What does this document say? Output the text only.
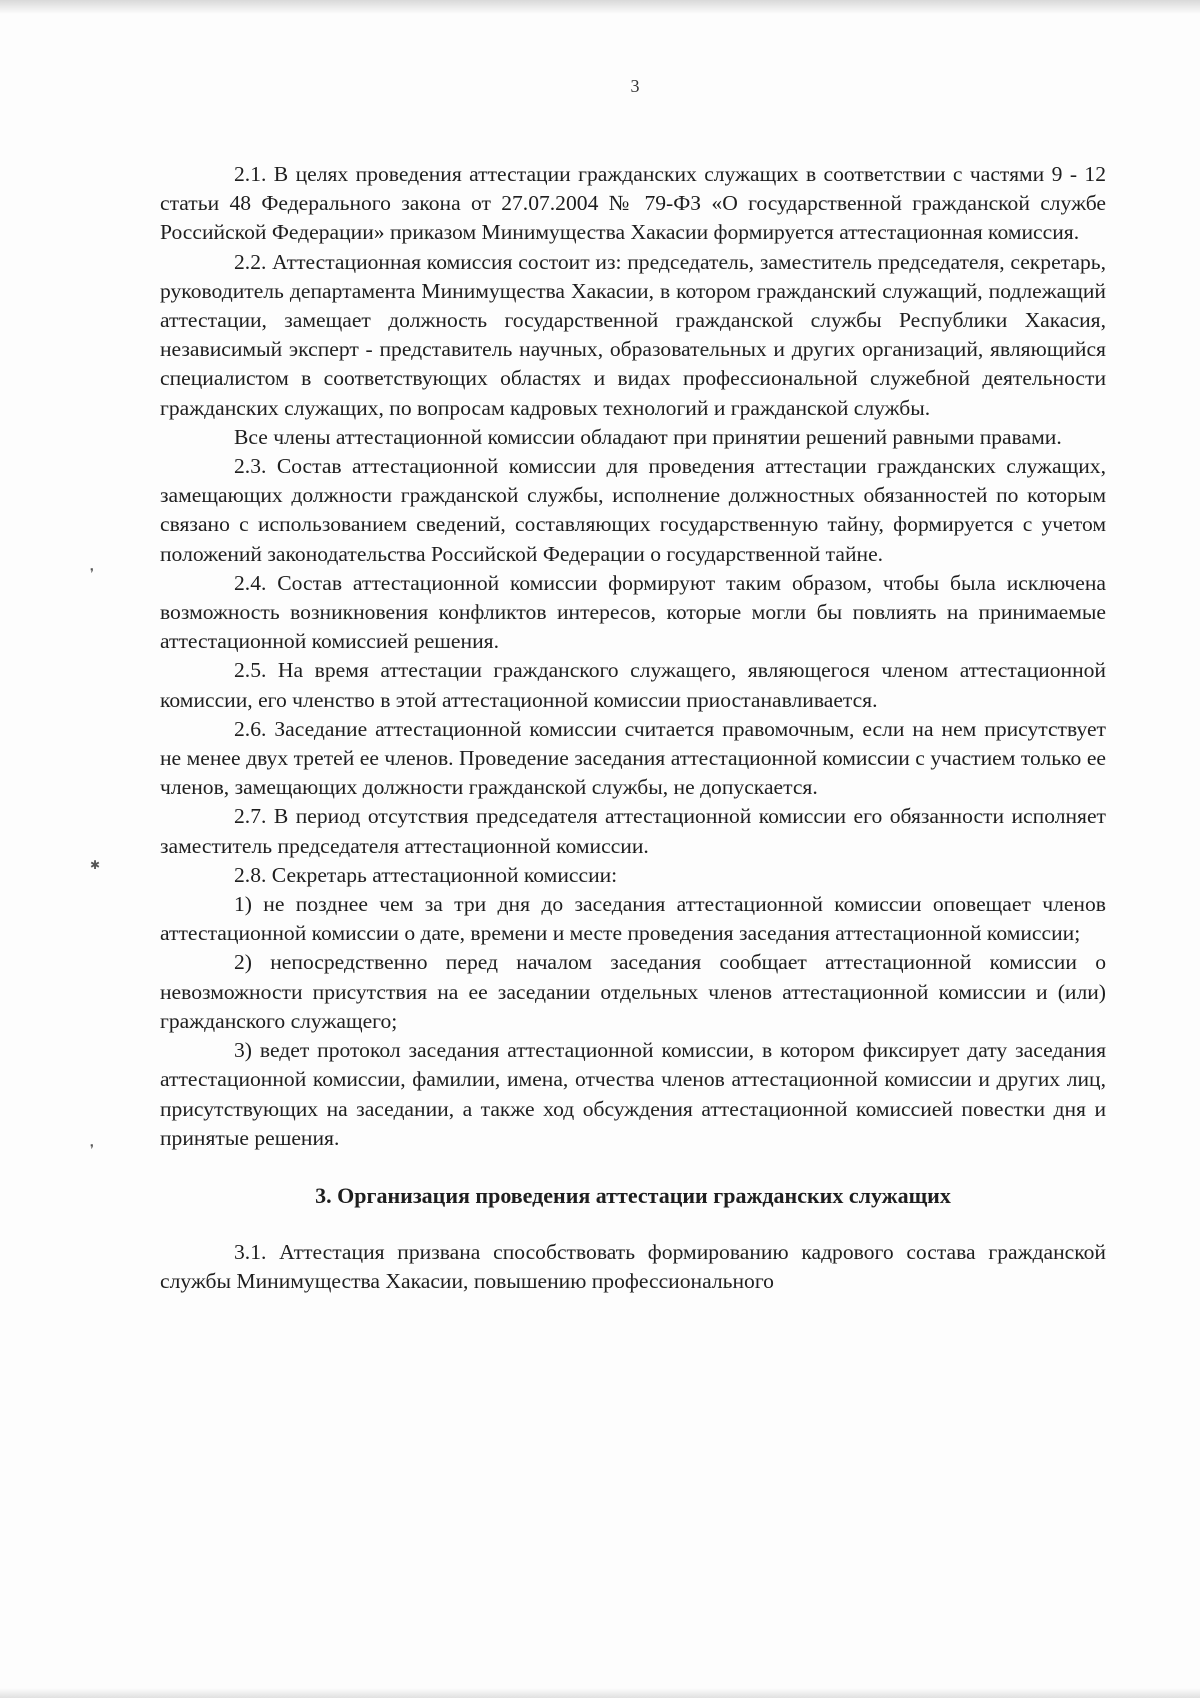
3
❜
✱
❜

2.1. В целях проведения аттестации гражданских служащих в соответствии с частями 9 - 12 статьи 48 Федерального закона от 27.07.2004 № 79-ФЗ «О государственной гражданской службе Российской Федерации» приказом Минимущества Хакасии формируется аттестационная комиссия.

2.2. Аттестационная комиссия состоит из: председатель, заместитель председателя, секретарь, руководитель департамента Минимущества Хакасии, в котором гражданский служащий, подлежащий аттестации, замещает должность государственной гражданской службы Республики Хакасия, независимый эксперт - представитель научных, образовательных и других организаций, являющийся специалистом в соответствующих областях и видах профессиональной служебной деятельности гражданских служащих, по вопросам кадровых технологий и гражданской службы.

Все члены аттестационной комиссии обладают при принятии решений равными правами.

2.3. Состав аттестационной комиссии для проведения аттестации гражданских служащих, замещающих должности гражданской службы, исполнение должностных обязанностей по которым связано с использованием сведений, составляющих государственную тайну, формируется с учетом положений законодательства Российской Федерации о государственной тайне.

2.4. Состав аттестационной комиссии формируют таким образом, чтобы была исключена возможность возникновения конфликтов интересов, которые могли бы повлиять на принимаемые аттестационной комиссией решения.

2.5. На время аттестации гражданского служащего, являющегося членом аттестационной комиссии, его членство в этой аттестационной комиссии приостанавливается.

2.6. Заседание аттестационной комиссии считается правомочным, если на нем присутствует не менее двух третей ее членов. Проведение заседания аттестационной комиссии с участием только ее членов, замещающих должности гражданской службы, не допускается.

2.7. В период отсутствия председателя аттестационной комиссии его обязанности исполняет заместитель председателя аттестационной комиссии.

2.8. Секретарь аттестационной комиссии:

1) не позднее чем за три дня до заседания аттестационной комиссии оповещает членов аттестационной комиссии о дате, времени и месте проведения заседания аттестационной комиссии;

2) непосредственно перед началом заседания сообщает аттестационной комиссии о невозможности присутствия на ее заседании отдельных членов аттестационной комиссии и (или) гражданского служащего;

3) ведет протокол заседания аттестационной комиссии, в котором фиксирует дату заседания аттестационной комиссии, фамилии, имена, отчества членов аттестационной комиссии и других лиц, присутствующих на заседании, а также ход обсуждения аттестационной комиссией повестки дня и принятые решения.

3. Организация проведения аттестации гражданских служащих

3.1. Аттестация призвана способствовать формированию кадрового состава гражданской службы Минимущества Хакасии, повышению профессионального
